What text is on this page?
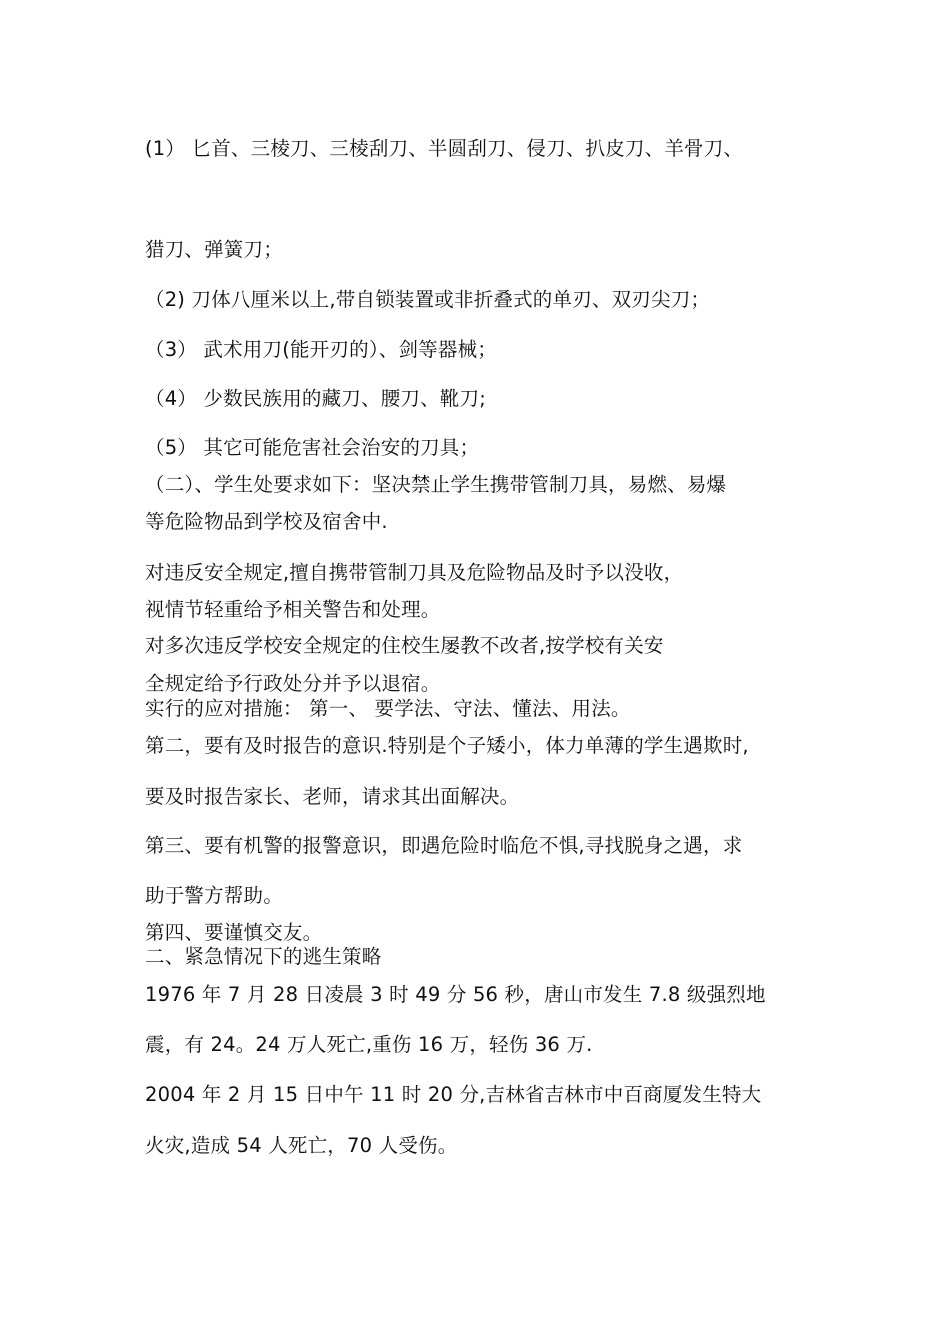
(1） 匕首、三棱刀、三棱刮刀、半圆刮刀、侵刀、扒皮刀、羊骨刀、
猎刀、弹簧刀；
（2) 刀体八厘米以上,带自锁装置或非折叠式的单刃、双刃尖刀；
（3） 武术用刀(能开刃的）、剑等器械；
（4） 少数民族用的藏刀、腰刀、靴刀;
（5） 其它可能危害社会治安的刀具；
（二）、学生处要求如下：坚决禁止学生携带管制刀具，易燃、易爆
等危险物品到学校及宿舍中.
对违反安全规定,擅自携带管制刀具及危险物品及时予以没收，
视情节轻重给予相关警告和处理。
对多次违反学校安全规定的住校生屡教不改者,按学校有关安
全规定给予行政处分并予以退宿。
实行的应对措施： 第一、 要学法、守法、懂法、用法。
第二，要有及时报告的意识.特别是个子矮小，体力单薄的学生遇欺时,
要及时报告家长、老师，请求其出面解决。
第三、要有机警的报警意识，即遇危险时临危不惧,寻找脱身之遇，求
助于警方帮助。
第四、要谨慎交友。
二、紧急情况下的逃生策略
1976 年 7 月 28 日凌晨 3 时 49 分 56 秒，唐山市发生 7.8 级强烈地
震，有 24。24 万人死亡,重伤 16 万，轻伤 36 万.
2004 年 2 月 15 日中午 11 时 20 分,吉林省吉林市中百商厦发生特大
火灾,造成 54 人死亡，70 人受伤。
